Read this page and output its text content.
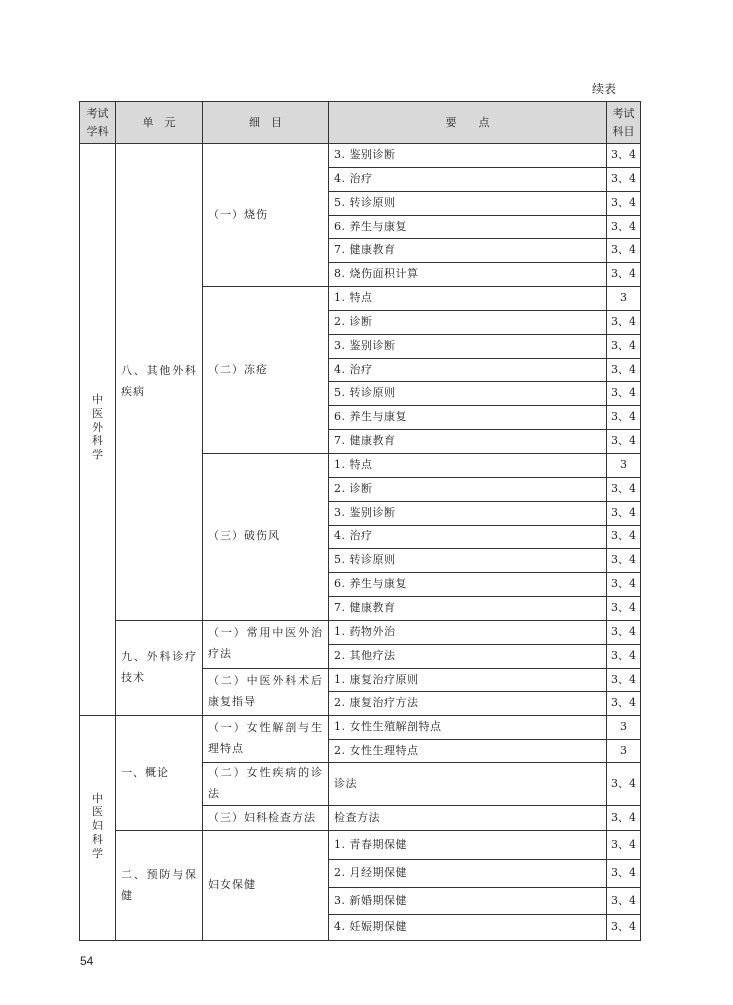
续表
考试学科	单　元	细　目	要　　点	考试科目
中医外科学	八、其他外科疾病	（一）烧伤	3. 鉴别诊断	3、4
			4. 治疗	3、4
			5. 转诊原则	3、4
			6. 养生与康复	3、4
			7. 健康教育	3、4
			8. 烧伤面积计算	3、4
		（二）冻疮	1. 特点	3
			2. 诊断	3、4
			3. 鉴别诊断	3、4
			4. 治疗	3、4
			5. 转诊原则	3、4
			6. 养生与康复	3、4
			7. 健康教育	3、4
		（三）破伤风	1. 特点	3
			2. 诊断	3、4
			3. 鉴别诊断	3、4
			4. 治疗	3、4
			5. 转诊原则	3、4
			6. 养生与康复	3、4
			7. 健康教育	3、4
	九、外科诊疗技术	（一）常用中医外治疗法	1. 药物外治	3、4
			2. 其他疗法	3、4
		（二）中医外科术后康复指导	1. 康复治疗原则	3、4
			2. 康复治疗方法	3、4
中医妇科学	一、概论	（一）女性解剖与生理特点	1. 女性生殖解剖特点	3
			2. 女性生理特点	3
		（二）女性疾病的诊法	诊法	3、4
		（三）妇科检查方法	检查方法	3、4
	二、预防与保健	妇女保健	1. 青春期保健	3、4
			2. 月经期保健	3、4
			3. 新婚期保健	3、4
			4. 妊娠期保健	3、4
54
